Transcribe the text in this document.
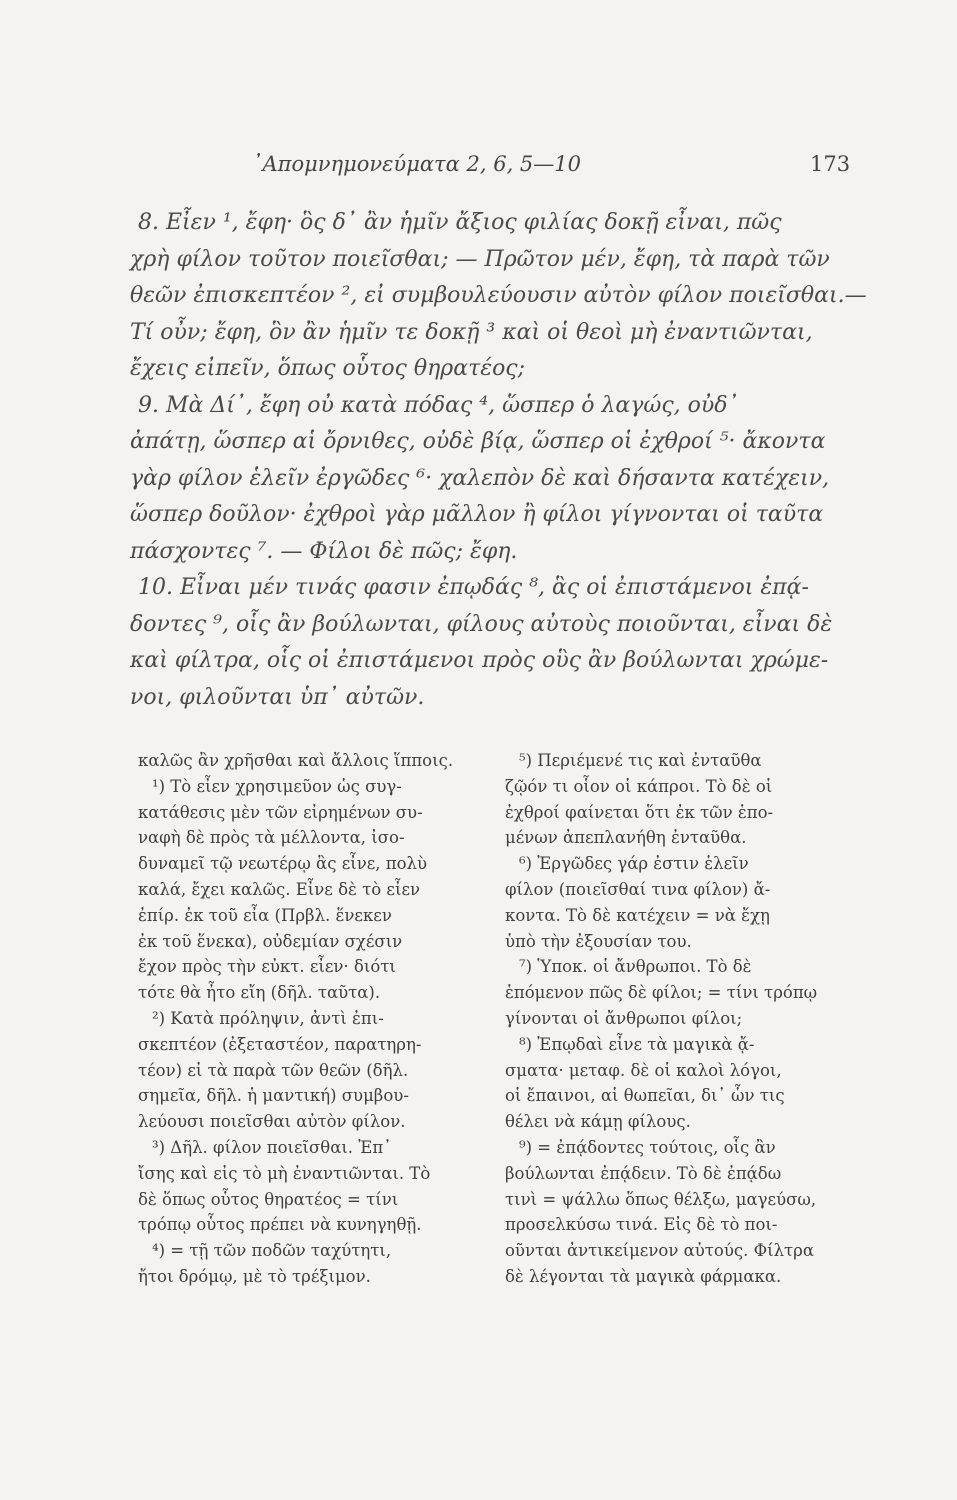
᾿Απομνημονεύματα 2, 6, 5—10	173
8. Εἶεν ¹, ἔφη· ὃς δ᾿ ἂν ἡμῖν ἄξιος φιλίας δοκῇ εἶναι, πῶς
χρὴ φίλον τοῦτον ποιεῖσθαι; — Πρῶτον μέν, ἔφη, τὰ παρὰ τῶν
θεῶν ἐπισκεπτέον ², εἰ συμβουλεύουσιν αὐτὸν φίλον ποιεῖσθαι.—
Τί οὖν; ἔφη, ὃν ἂν ἡμῖν τε δοκῇ ³ καὶ οἱ θεοὶ μὴ ἐναντιῶνται,
ἔχεις εἰπεῖν, ὅπως οὗτος θηρατέος;
9. Μὰ Δί᾿, ἔφη οὐ κατὰ πόδας ⁴, ὥσπερ ὁ λαγώς, οὐδ᾿
ἀπάτῃ, ὥσπερ αἱ ὄρνιθες, οὐδὲ βίᾳ, ὥσπερ οἱ ἐχθροί ⁵· ἄκοντα
γὰρ φίλον ἑλεῖν ἐργῶδες ⁶· χαλεπὸν δὲ καὶ δήσαντα κατέχειν,
ὥσπερ δοῦλον· ἐχθροὶ γὰρ μᾶλλον ἢ φίλοι γίγνονται οἱ ταῦτα
πάσχοντες ⁷. — Φίλοι δὲ πῶς; ἔφη.
10. Εἶναι μέν τινάς φασιν ἐπῳδάς ⁸, ἃς οἱ ἐπιστάμενοι ἐπᾴ-
δοντες ⁹, οἷς ἂν βούλωνται, φίλους αὐτοὺς ποιοῦνται, εἶναι δὲ
καὶ φίλτρα, οἷς οἱ ἐπιστάμενοι πρὸς οὓς ἂν βούλωνται χρώμε-
νοι, φιλοῦνται ὑπ᾿ αὐτῶν.
καλῶς ἂν χρῆσθαι καὶ ἄλλοις ἵπποις.
¹) Τὸ εἶεν χρησιμεῦον ὡς συγ-
κατάθεσις μὲν τῶν εἰρημένων συ-
ναφὴ δὲ πρὸς τὰ μέλλοντα, ἰσο-
δυναμεῖ τῷ νεωτέρῳ ἃς εἶνε, πολὺ
καλά, ἔχει καλῶς. Εἶνε δὲ τὸ εἶεν
ἐπίρ. ἐκ τοῦ εἶα (Πρβλ. ἕνεκεν
ἐκ τοῦ ἕνεκα), οὐδεμίαν σχέσιν
ἔχον πρὸς τὴν εὐκτ. εἶεν· διότι
τότε θὰ ἦτο εἴη (δῆλ. ταῦτα).
²) Κατὰ πρόληψιν, ἀντὶ ἐπι-
σκεπτέον (ἐξεταστέον, παρατηρη-
τέον) εἰ τὰ παρὰ τῶν θεῶν (δῆλ.
σημεῖα, δῆλ. ἡ μαντική) συμβου-
λεύουσι ποιεῖσθαι αὐτὸν φίλον.
³) Δῆλ. φίλον ποιεῖσθαι. Ἐπ᾿
ἴσης καὶ εἰς τὸ μὴ ἐναντιῶνται. Τὸ
δὲ ὅπως οὗτος θηρατέος = τίνι
τρόπῳ οὗτος πρέπει νὰ κυνηγηθῇ.
⁴) = τῇ τῶν ποδῶν ταχύτητι,
ἤτοι δρόμῳ, μὲ τὸ τρέξιμον.
⁵) Περιέμενέ τις καὶ ἐνταῦθα
ζῷόν τι οἷον οἱ κάπροι. Τὸ δὲ οἱ
ἐχθροί φαίνεται ὅτι ἐκ τῶν ἑπο-
μένων ἀπεπλανήθη ἐνταῦθα.
⁶) Ἐργῶδες γάρ ἐστιν ἑλεῖν
φίλον (ποιεῖσθαί τινα φίλον) ἄ-
κοντα. Τὸ δὲ κατέχειν = νὰ ἔχῃ
ὑπὸ τὴν ἐξουσίαν του.
⁷) Ὑποκ. οἱ ἄνθρωποι. Τὸ δὲ
ἑπόμενον πῶς δὲ φίλοι; = τίνι τρόπῳ
γίνονται οἱ ἄνθρωποι φίλοι;
⁸) Ἐπῳδαὶ εἶνε τὰ μαγικὰ ᾄ-
σματα· μεταφ. δὲ οἱ καλοὶ λόγοι,
οἱ ἔπαινοι, αἱ θωπεῖαι, δι᾿ ὧν τις
θέλει νὰ κάμῃ φίλους.
⁹) = ἐπᾴδοντες τούτοις, οἷς ἂν
βούλωνται ἐπᾴδειν. Τὸ δὲ ἐπᾴδω
τινὶ = ψάλλω ὅπως θέλξω, μαγεύσω,
προσελκύσω τινά. Εἰς δὲ τὸ ποι-
οῦνται ἀντικείμενον αὐτούς. Φίλτρα
δὲ λέγονται τὰ μαγικὰ φάρμακα.
